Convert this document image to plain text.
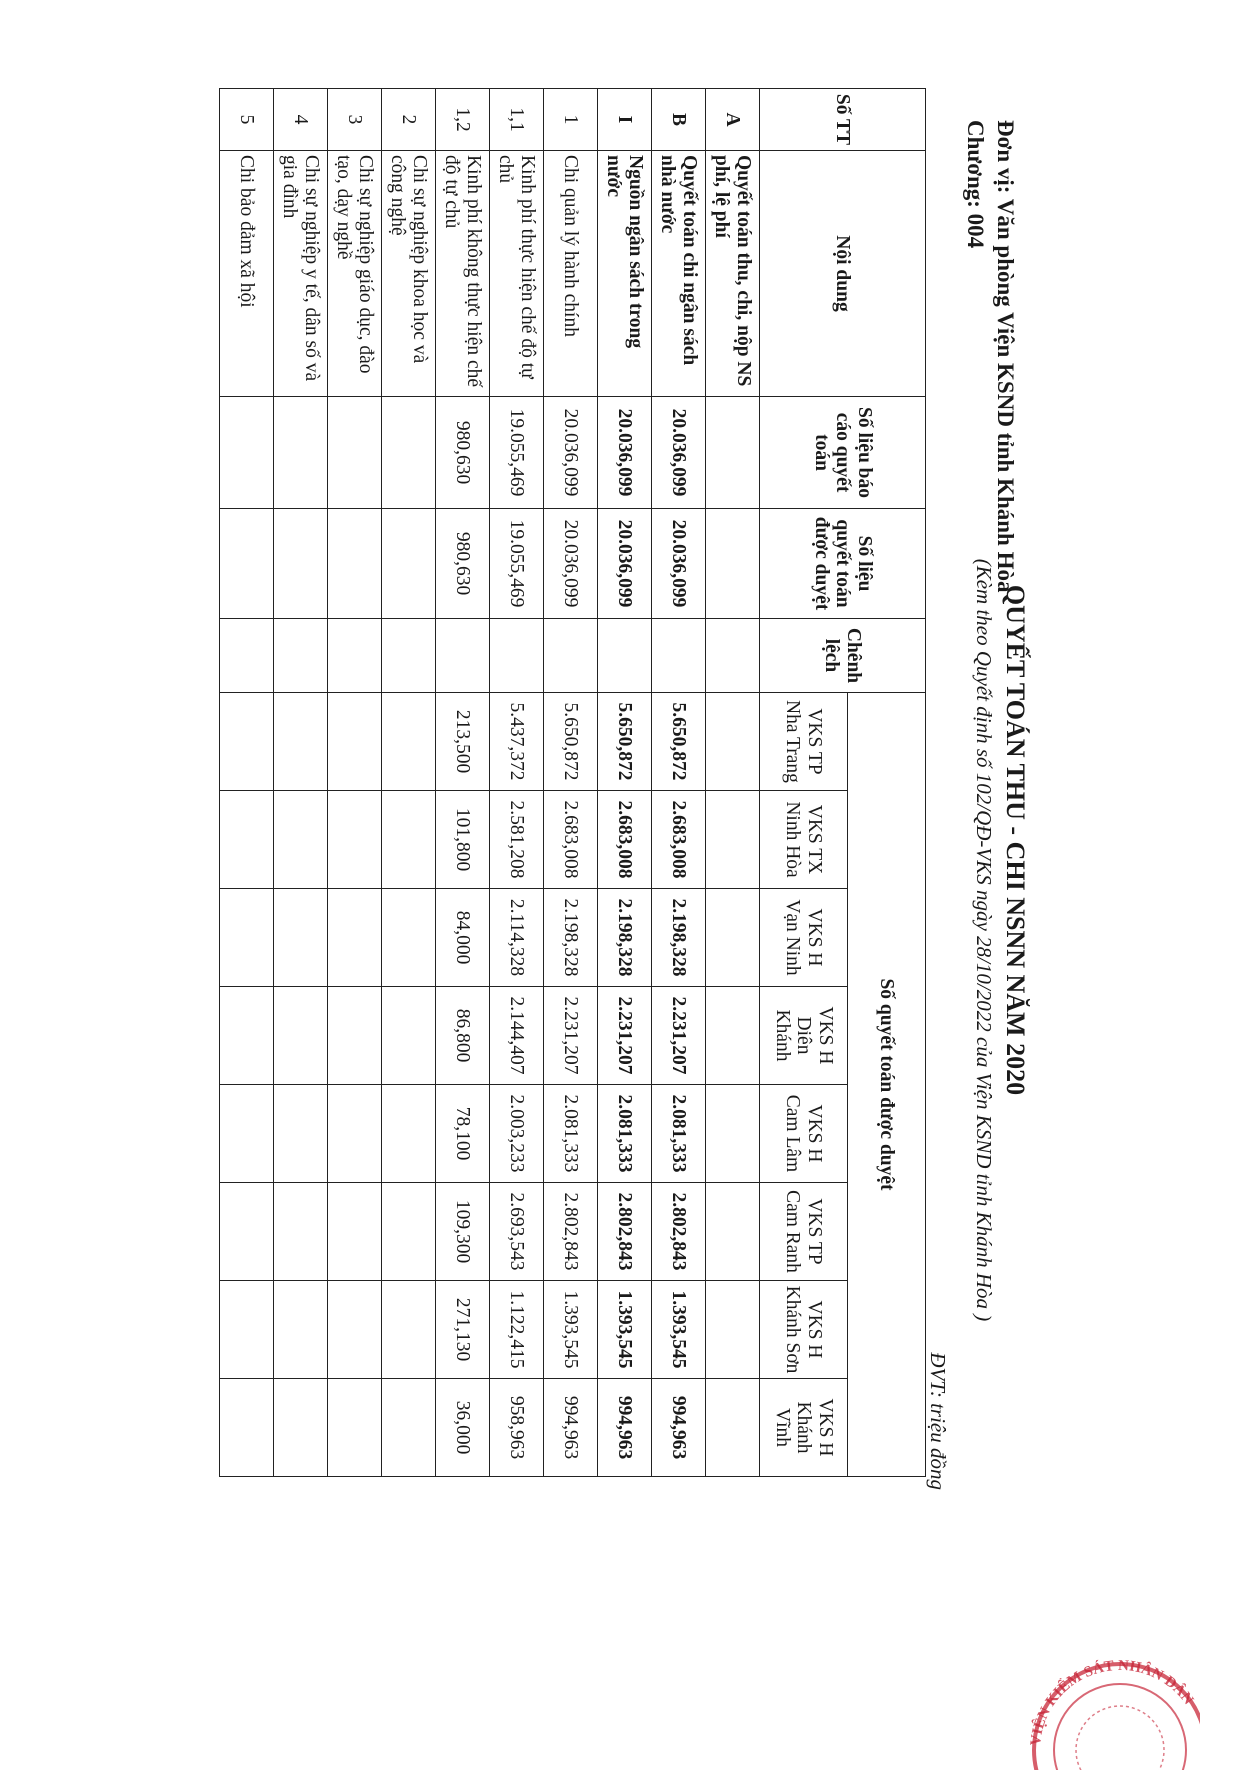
Đơn vị: Văn phòng Viện KSND tỉnh Khánh Hòa
Chương: 004
QUYẾT TOÁN THU - CHI NSNN NĂM 2020
(Kèm theo Quyết định số 102/QĐ-VKS ngày 28/10/2022 của Viện KSND tỉnh Khánh Hòa )
ĐVT: triệu đồng
Số TT	Nội dung	Số liệu báo cáo quyết toán	Số liệu quyết toán được duyệt	Chênh lệch	Số quyết toán được duyệt							
					VKS TP Nha Trang	VKS TX Ninh Hòa	VKS H Vạn Ninh	VKS H Diên Khánh	VKS H Cam Lâm	VKS TP Cam Ranh	VKS H Khánh Sơn	VKS H Khánh Vĩnh
A	Quyết toán thu, chi, nộp NS phí, lệ phí											
B	Quyết toán chi ngân sách nhà nước	20.036,099	20.036,099		5.650,872	2.683,008	2.198,328	2.231,207	2.081,333	2.802,843	1.393,545	994,963
I	Nguồn ngân sách trong nước	20.036,099	20.036,099		5.650,872	2.683,008	2.198,328	2.231,207	2.081,333	2.802,843	1.393,545	994,963
1	Chi quản lý hành chính	20.036,099	20.036,099		5.650,872	2.683,008	2.198,328	2.231,207	2.081,333	2.802,843	1.393,545	994,963
1,1	Kinh phí thực hiện chế độ tự chủ	19.055,469	19.055,469		5.437,372	2.581,208	2.114,328	2.144,407	2.003,233	2.693,543	1.122,415	958,963
1,2	Kinh phí không thực hiện chế độ tự chủ	980,630	980,630		213,500	101,800	84,000	86,800	78,100	109,300	271,130	36,000
2	Chi sự nghiệp khoa học và công nghệ											
3	Chi sự nghiệp giáo dục, đào tạo, dạy nghề											
4	Chi sự nghiệp y tế, dân số và gia đình											
5	Chi bảo đảm xã hội											
VIỆN KIỂM SÁT NHÂN DÂN
